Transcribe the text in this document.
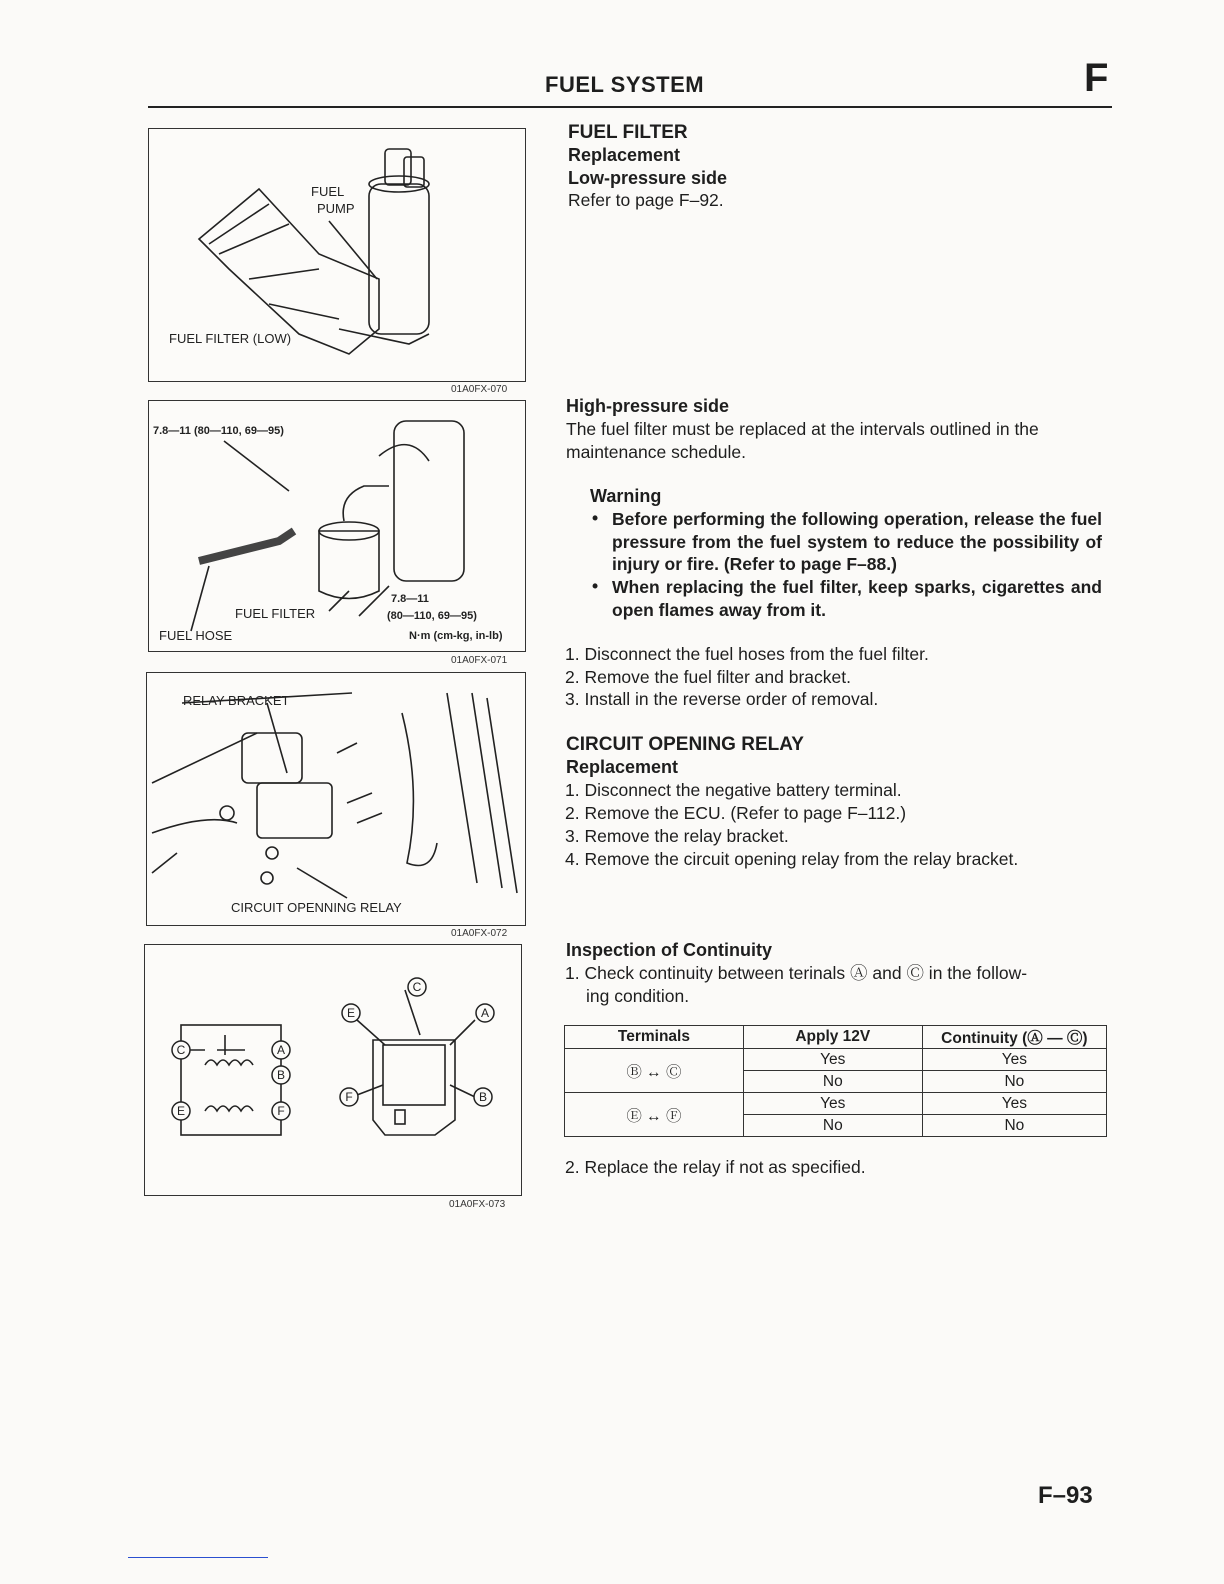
FUEL SYSTEM	F
FUEL
PUMP
FUEL FILTER (LOW)
01A0FX-070
7.8—11 (80—110, 69—95)
7.8—11
(80—110, 69—95)
FUEL FILTER
FUEL HOSE	N·m (cm-kg, in-lb)
01A0FX-071
RELAY BRACKET
CIRCUIT OPENNING RELAY
01A0FX-072
C	A
B
E	F
C
E	A
F	B
01A0FX-073
FUEL FILTER
Replacement
Low-pressure side
Refer to page F–92.
High-pressure side
The fuel filter must be replaced at the intervals outlined in the
maintenance schedule.
Warning
• Before performing the following operation, release the fuel pressure from the fuel system to reduce the possibility of injury or fire. (Refer to page F–88.)
• When replacing the fuel filter, keep sparks, cigarettes and open flames away from it.
1. Disconnect the fuel hoses from the fuel filter.
2. Remove the fuel filter and bracket.
3. Install in the reverse order of removal.
CIRCUIT OPENING RELAY
Replacement
1. Disconnect the negative battery terminal.
2. Remove the ECU. (Refer to page F–112.)
3. Remove the relay bracket.
4. Remove the circuit opening relay from the relay bracket.
Inspection of Continuity
1. Check continuity between terinals Ⓐ and Ⓒ in the follow-
ing condition.
Terminals	Apply 12V	Continuity (Ⓐ — Ⓒ)
Ⓑ ↔ Ⓒ	Yes	Yes
	No	No
Ⓔ ↔ Ⓕ	Yes	Yes
	No	No
2. Replace the relay if not as specified.
F–93
